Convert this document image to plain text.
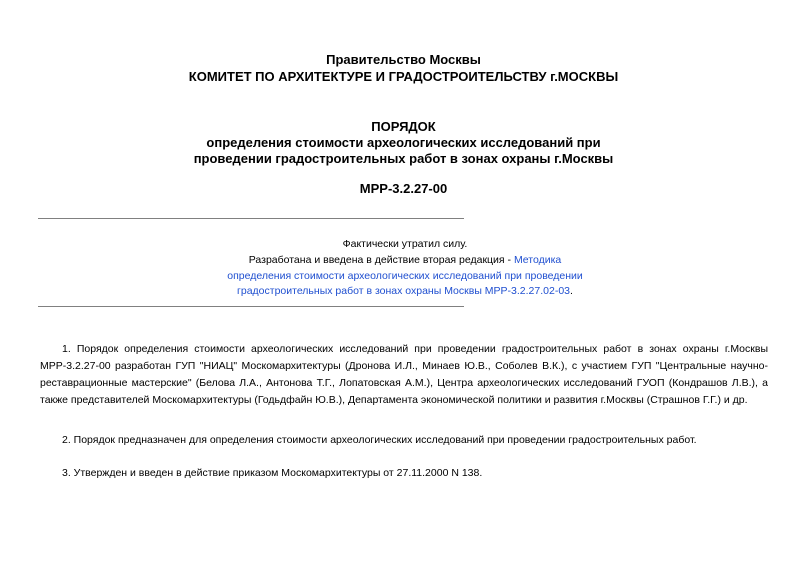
Правительство Москвы
КОМИТЕТ ПО АРХИТЕКТУРЕ И ГРАДОСТРОИТЕЛЬСТВУ г.МОСКВЫ
ПОРЯДОК
определения стоимости археологических исследований при
проведении градостроительных работ в зонах охраны г.Москвы
МРР-3.2.27-00
Фактически утратил силу.
Разработана и введена в действие вторая редакция - Методика
определения стоимости археологических исследований при проведении
градостроительных работ в зонах охраны Москвы МРР-3.2.27.02-03.
1. Порядок определения стоимости археологических исследований при проведении градостроительных работ в зонах охраны г.Москвы МРР-3.2.27-00 разработан ГУП "НИАЦ" Москомархитектуры (Дронова И.Л., Минаев Ю.В., Соболев В.К.), с участием ГУП "Центральные научно-реставрационные мастерские" (Белова Л.А., Антонова Т.Г., Лопатовская А.М.), Центра археологических исследований ГУОП (Кондрашов Л.В.), а также представителей Москомархитектуры (Годьдфайн Ю.В.), Департамента экономической политики и развития г.Москвы (Страшнов Г.Г.) и др.
2. Порядок предназначен для определения стоимости археологических исследований при проведении градостроительных работ.
3. Утвержден и введен в действие приказом Москомархитектуры от 27.11.2000 N 138.
